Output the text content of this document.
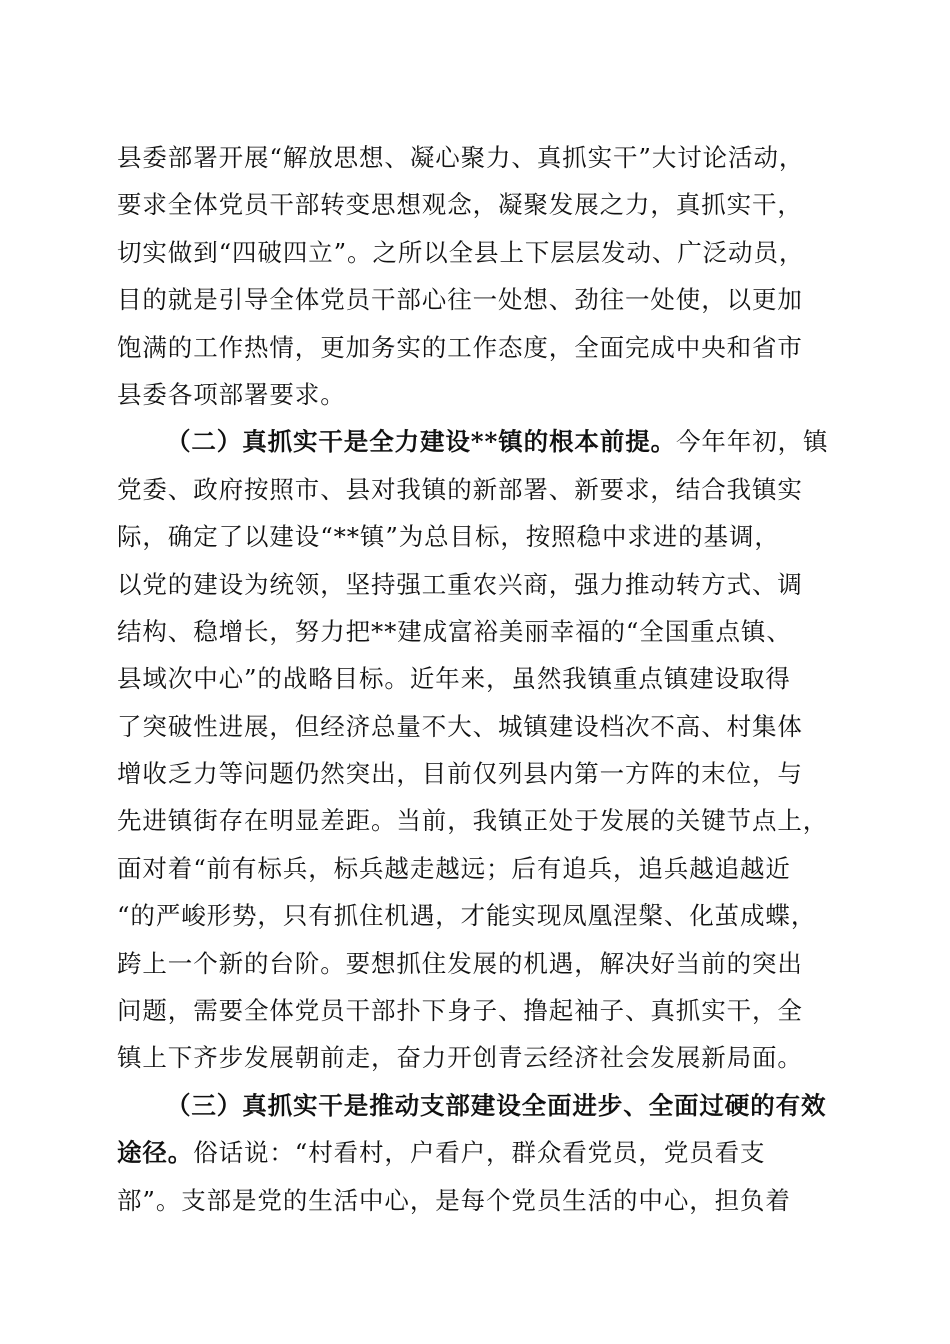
县委部署开展“解放思想、凝心聚力、真抓实干”大讨论活动，
要求全体党员干部转变思想观念，凝聚发展之力，真抓实干，
切实做到“四破四立”。之所以全县上下层层发动、广泛动员，
目的就是引导全体党员干部心往一处想、劲往一处使，以更加
饱满的工作热情，更加务实的工作态度，全面完成中央和省市
县委各项部署要求。
（二）真抓实干是全力建设**镇的根本前提。今年年初，镇
党委、政府按照市、县对我镇的新部署、新要求，结合我镇实
际，确定了以建设“**镇”为总目标，按照稳中求进的基调，
以党的建设为统领，坚持强工重农兴商，强力推动转方式、调
结构、稳增长，努力把**建成富裕美丽幸福的“全国重点镇、
县域次中心”的战略目标。近年来，虽然我镇重点镇建设取得
了突破性进展，但经济总量不大、城镇建设档次不高、村集体
增收乏力等问题仍然突出，目前仅列县内第一方阵的末位，与
先进镇街存在明显差距。当前，我镇正处于发展的关键节点上，
面对着“前有标兵，标兵越走越远；后有追兵，追兵越追越近
“的严峻形势，只有抓住机遇，才能实现凤凰涅槃、化茧成蝶，
跨上一个新的台阶。要想抓住发展的机遇，解决好当前的突出
问题，需要全体党员干部扑下身子、撸起袖子、真抓实干，全
镇上下齐步发展朝前走，奋力开创青云经济社会发展新局面。
（三）真抓实干是推动支部建设全面进步、全面过硬的有效
途径。俗话说：“村看村，户看户，群众看党员，党员看支
部”。支部是党的生活中心，是每个党员生活的中心，担负着
